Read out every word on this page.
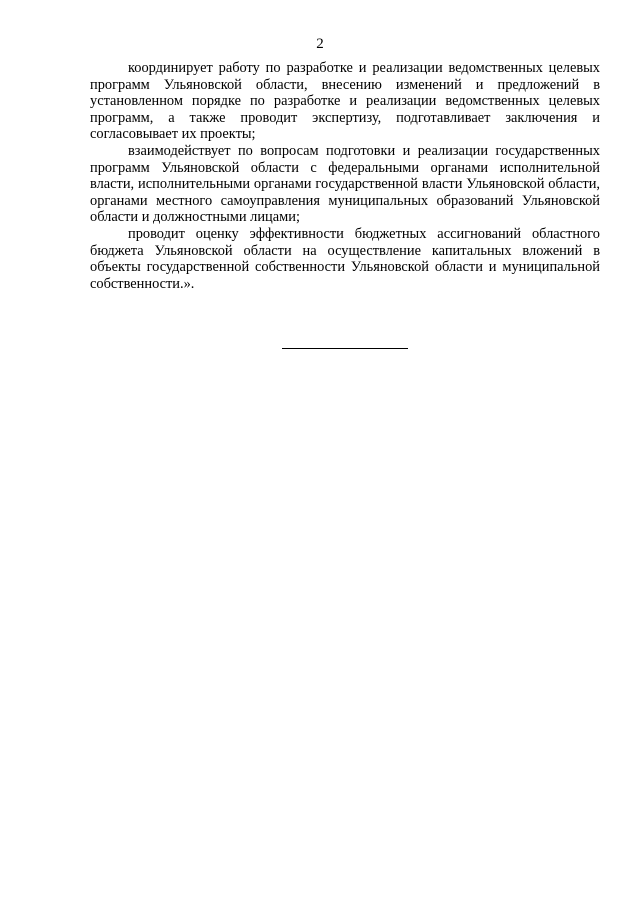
2

координирует работу по разработке и реализации ведомственных целевых программ Ульяновской области, внесению изменений и предложений в установленном порядке по разработке и реализации ведомственных целевых программ, а также проводит экспертизу, подготавливает заключения и согласовывает их проекты;

взаимодействует по вопросам подготовки и реализации государственных программ Ульяновской области с федеральными органами исполнительной власти, исполнительными органами государственной власти Ульяновской области, органами местного самоуправления муниципальных образований Ульяновской области и должностными лицами;

проводит оценку эффективности бюджетных ассигнований областного бюджета Ульяновской области на осуществление капитальных вложений в объекты государственной собственности Ульяновской области и муниципальной собственности.».
